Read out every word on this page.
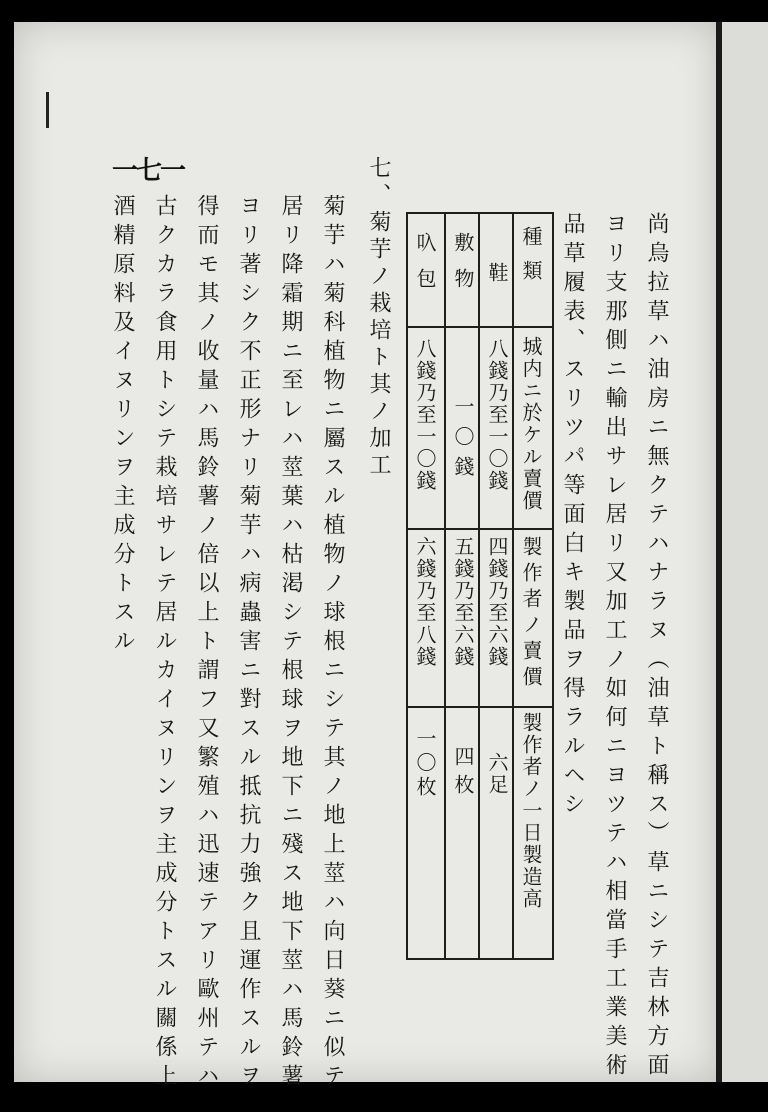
尚烏拉草ハ油房ニ無クテハナラヌ（油草ト稱ス）草ニシテ吉林方面
ヨリ支那側ニ輸出サレ居リ又加工ノ如何ニヨツテハ相當手工業美術
品草履表、スリツパ等面白キ製品ヲ得ラルヘシ
種類
城内ニ於ケル賣價
製作者ノ賣價
製作者ノ一日製造高
鞋
八錢乃至一〇錢
四錢乃至六錢
六足
敷物
一〇錢
五錢乃至六錢
四枚
叺包
八錢乃至一〇錢
六錢乃至八錢
一〇枚
七、菊芋ノ栽培ト其ノ加工
菊芋ハ菊科植物ニ屬スル植物ノ球根ニシテ其ノ地上莖ハ向日葵ニ似テ
居リ降霜期ニ至レハ莖葉ハ枯渇シテ根球ヲ地下ニ殘ス地下莖ハ馬鈴薯
ヨリ著シク不正形ナリ菊芋ハ病蟲害ニ對スル抵抗力強ク且運作スルヲ
得而モ其ノ收量ハ馬鈴薯ノ倍以上ト謂フ又繁殖ハ迅速テアリ歐州テハ
古クカラ食用トシテ栽培サレテ居ルカイヌリンヲ主成分トスル關係上
酒精原料及イヌリンヲ主成分トスル
一七一
